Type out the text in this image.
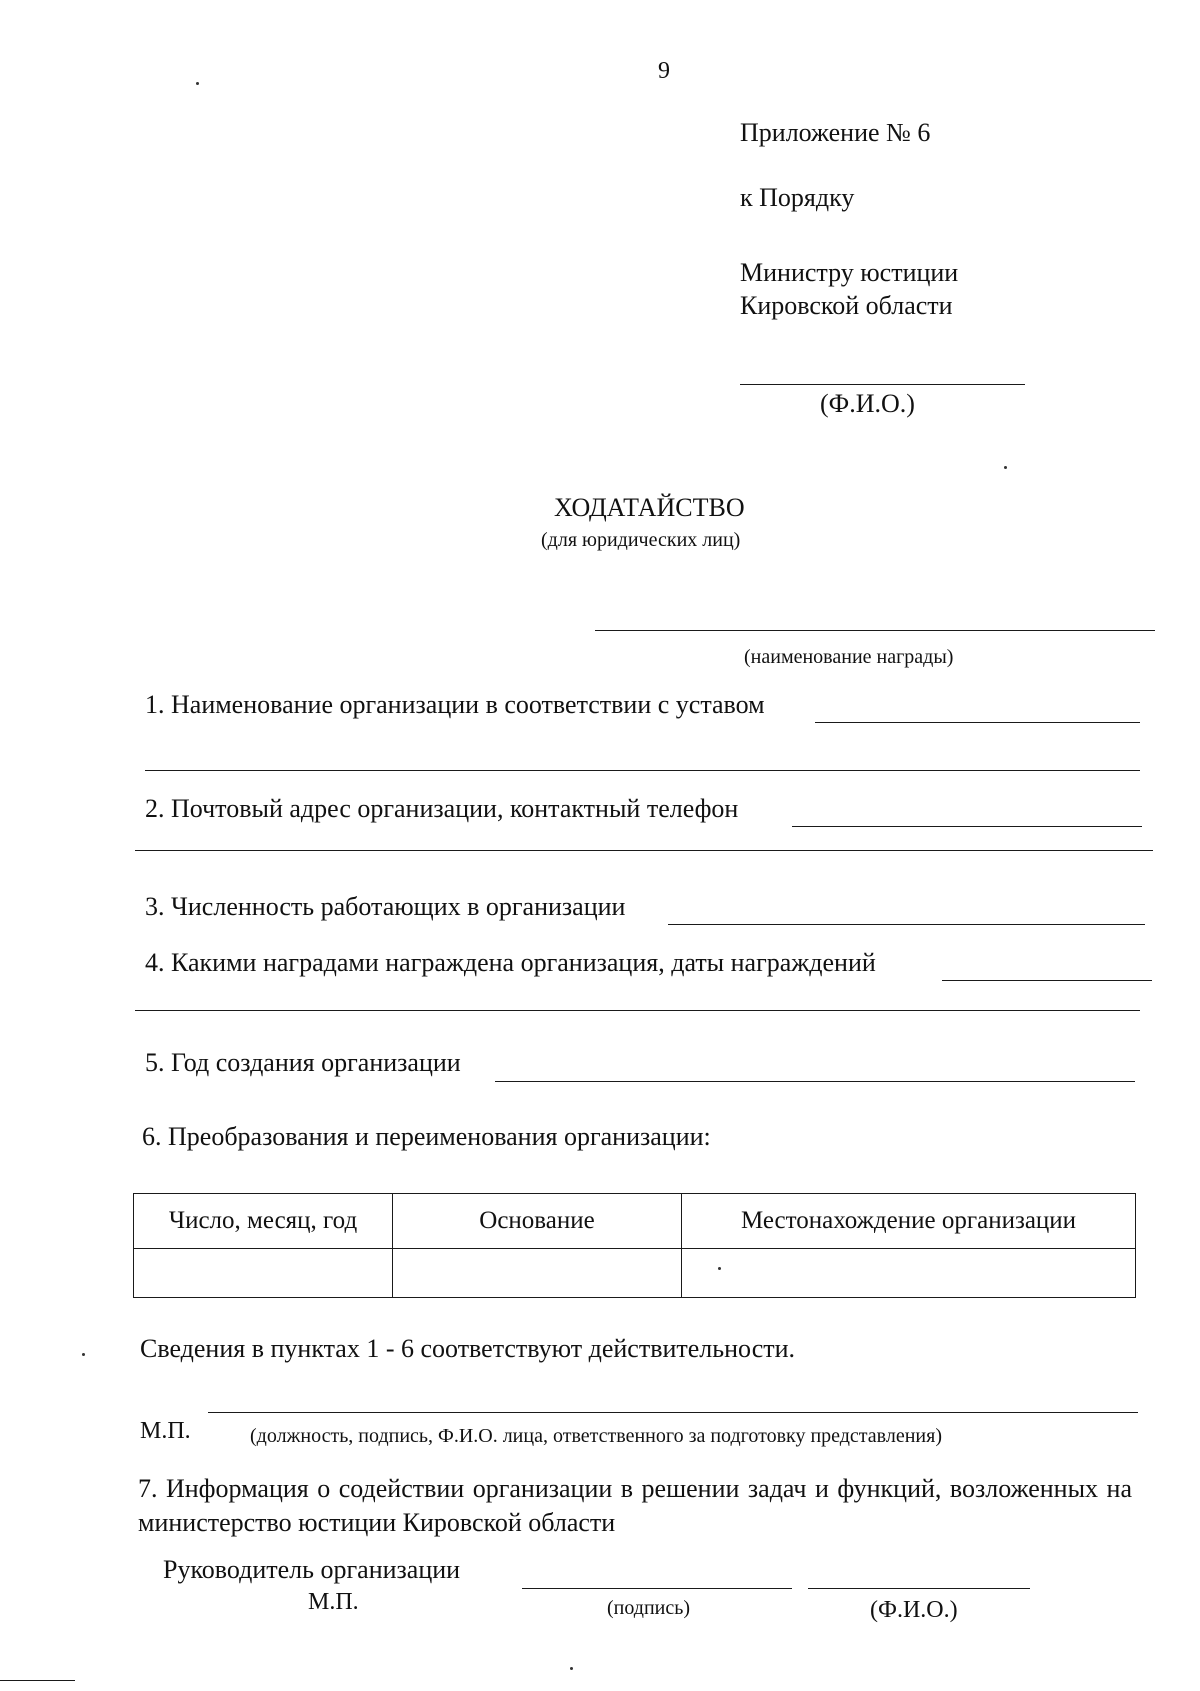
9
Приложение № 6
к Порядку
Министру юстиции
Кировской области
(Ф.И.О.)
ХОДАТАЙСТВО
(для юридических лиц)
(наименование награды)
1. Наименование организации в соответствии с уставом
2. Почтовый адрес организации, контактный телефон
3. Численность работающих в организации
4. Какими наградами награждена организация, даты награждений
5. Год создания организации
6. Преобразования и переименования организации:
Число, месяц, год	Основание	Местонахождение организации

Сведения в пунктах 1 - 6 соответствуют действительности.
М.П.	(должность, подпись, Ф.И.О. лица, ответственного за подготовку представления)
7. Информация о содействии организации в решении задач и функций, возложенных на министерство юстиции Кировской области
Руководитель организации
М.П.	(подпись)	(Ф.И.О.)
